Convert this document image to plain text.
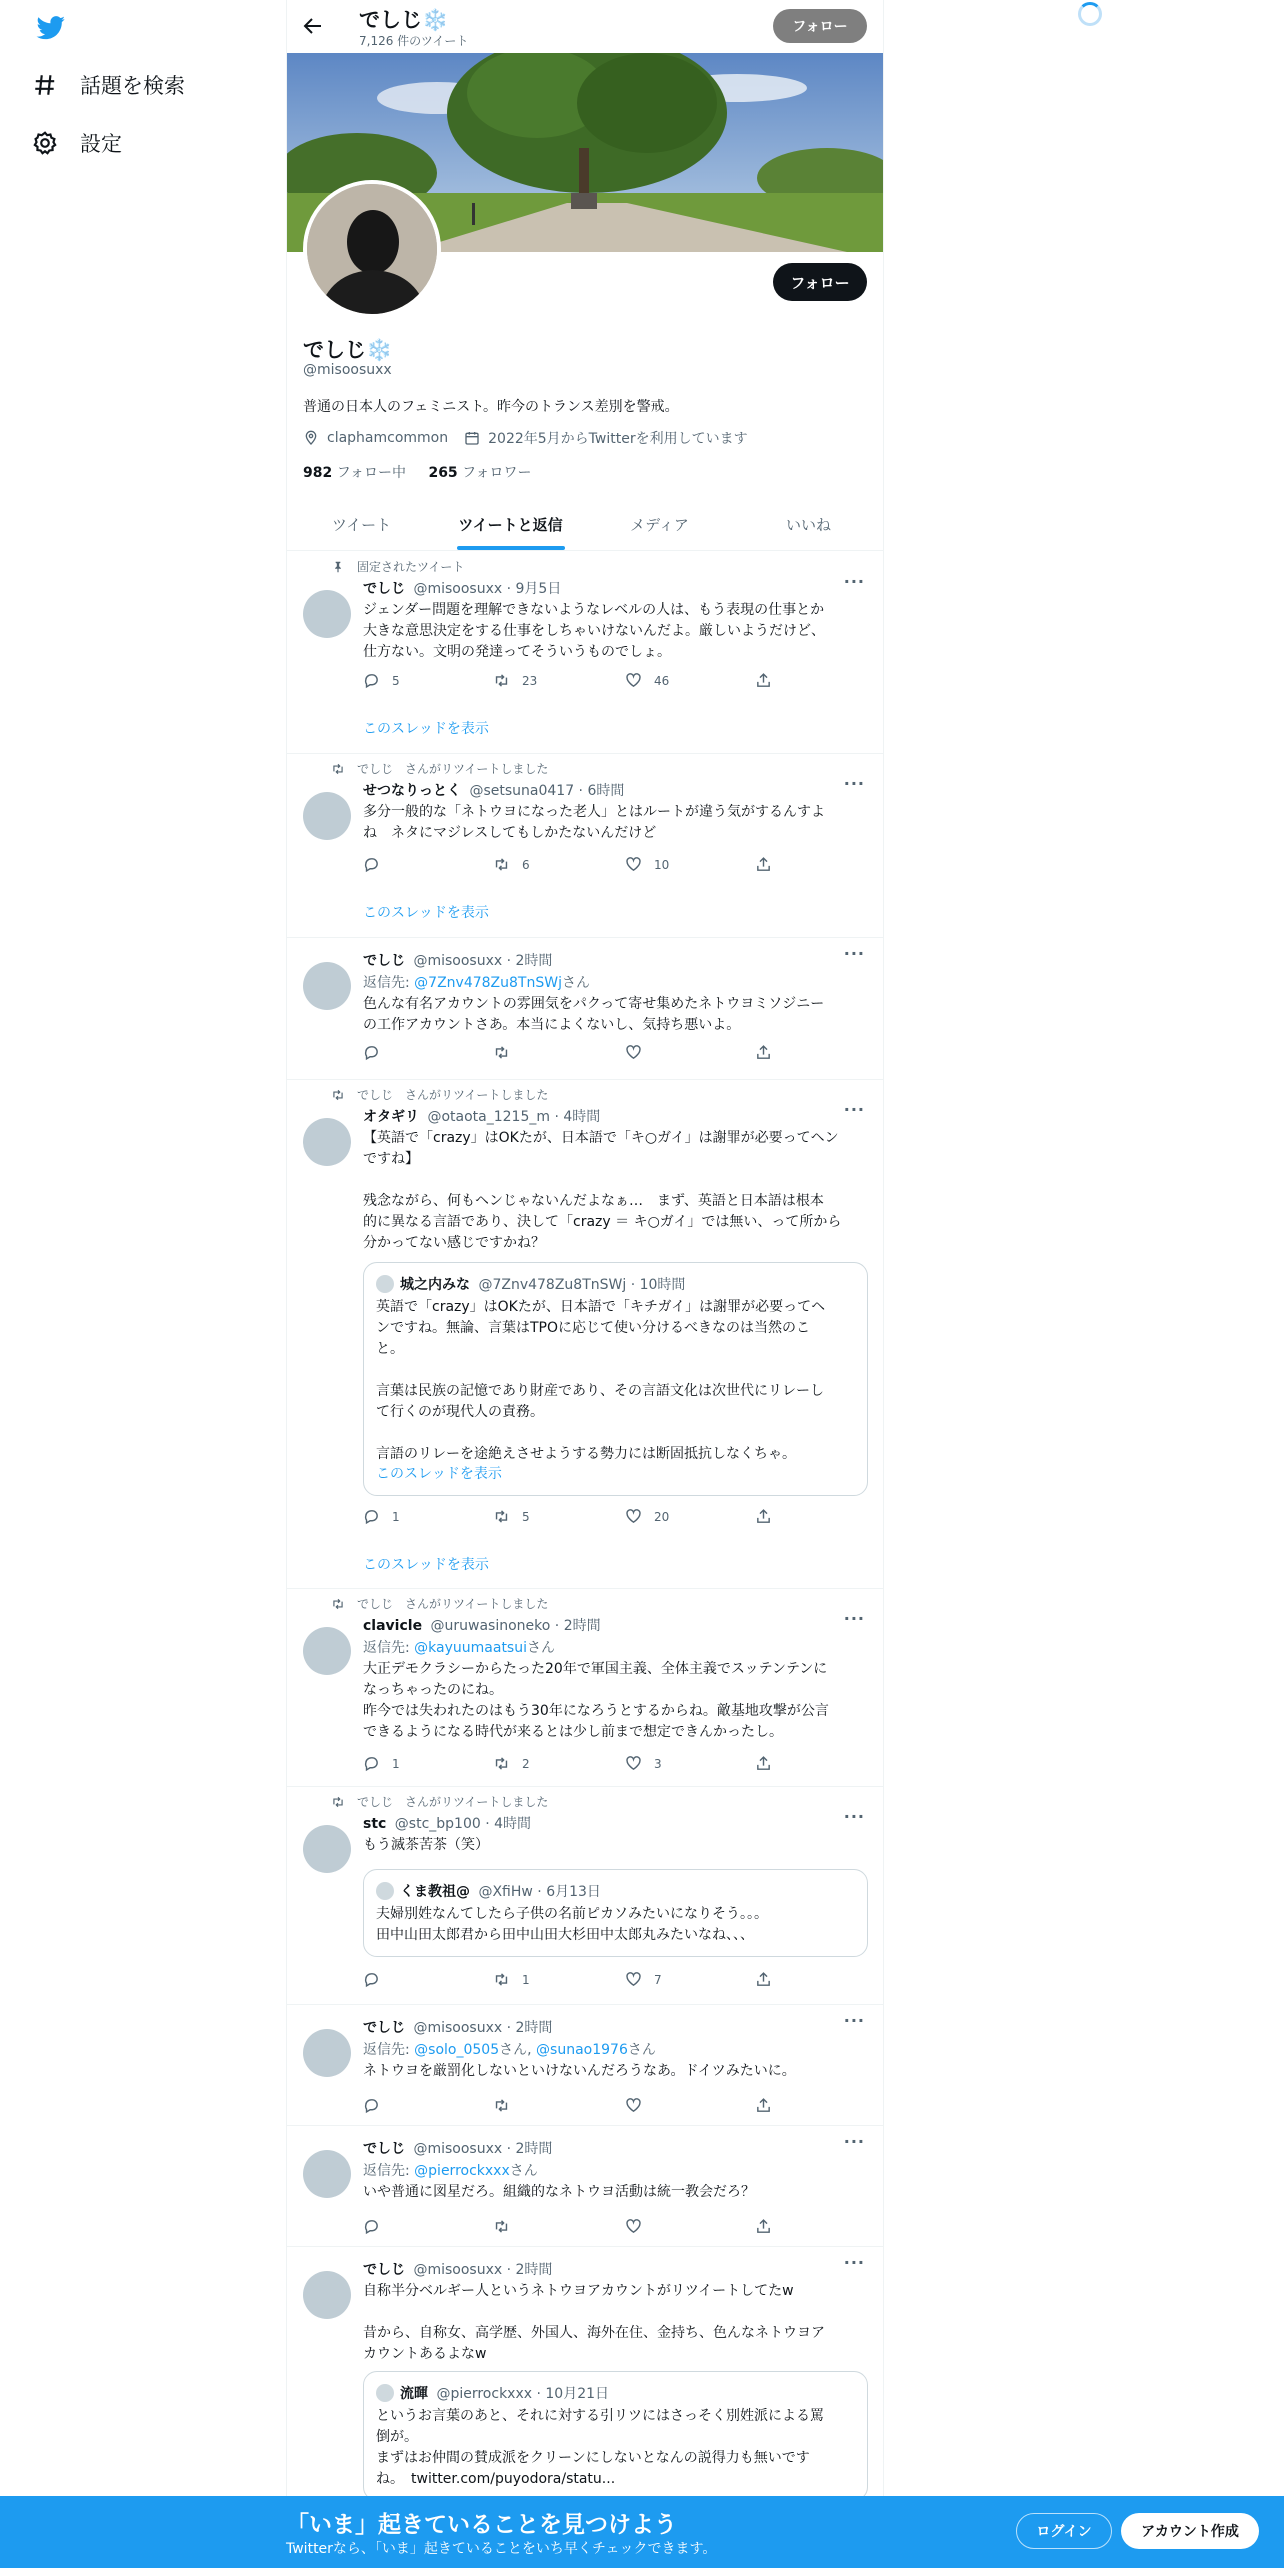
話題を検索
設定
でしじ❄️
7,126 件のツイート
フォロー
フォロー
でしじ❄️
@misoosuxx
普通の日本人のフェミニスト。昨今のトランス差別を警戒。
claphamcommon	2022年5月からTwitterを利用しています
982 フォロー中 265 フォロワー
ツイート	ツイートと返信	メディア	いいね
固定されたツイート
でしじ @misoosuxx · 9月5日	···
ジェンダー問題を理解できないようなレベルの人は、もう表現の仕事とか
大きな意思決定をする仕事をしちゃいけないんだよ。厳しいようだけど、
仕方ない。文明の発達ってそういうものでしょ。
5	23	46
このスレッドを表示
でしじ　さんがリツイートしました
せつなりっとく @setsuna0417 · 6時間	···
多分一般的な「ネトウヨになった老人」とはルートが違う気がするんすよ
ね　ネタにマジレスしてもしかたないんだけど
6	10
このスレッドを表示
でしじ @misoosuxx · 2時間	···
返信先: @7Znv478Zu8TnSWjさん
色んな有名アカウントの雰囲気をパクって寄せ集めたネトウヨミソジニー
の工作アカウントさあ。本当によくないし、気持ち悪いよ。
でしじ　さんがリツイートしました
オタギリ @otaota_1215_m · 4時間	···
【英語で「crazy」はOKたが、日本語で「キ○ガイ」は謝罪が必要ってヘン
ですね】

残念ながら、何もヘンじゃないんだよなぁ…　まず、英語と日本語は根本
的に異なる言語であり、決して「crazy ＝ キ○ガイ」では無い、って所から
分かってない感じですかね？
城之内みな @7Znv478Zu8TnSWj · 10時間
英語で「crazy」はOKたが、日本語で「キチガイ」は謝罪が必要ってヘ
ンですね。無論、言葉はTPOに応じて使い分けるべきなのは当然のこ
と。

言葉は民族の記憶であり財産であり、その言語文化は次世代にリレーし
て行くのが現代人の責務。

言語のリレーを途絶えさせようする勢力には断固抵抗しなくちゃ。
このスレッドを表示
1	5	20
このスレッドを表示
でしじ　さんがリツイートしました
clavicle @uruwasinoneko · 2時間	···
返信先: @kayuumaatsuiさん
大正デモクラシーからたった20年で軍国主義、全体主義でスッテンテンに
なっちゃったのにね。
昨今では失われたのはもう30年になろうとするからね。敵基地攻撃が公言
できるようになる時代が来るとは少し前まで想定できんかったし。
1	2	3
でしじ　さんがリツイートしました
stc @stc_bp100 · 4時間	···
もう滅茶苦茶（笑）
くま教祖@ @XfiHw · 6月13日
夫婦別姓なんてしたら子供の名前ピカソみたいになりそう。。。
田中山田太郎君から田中山田大杉田中太郎丸みたいなね、、、
1	7
でしじ @misoosuxx · 2時間	···
返信先: @solo_0505さん, @sunao1976さん
ネトウヨを厳罰化しないといけないんだろうなあ。ドイツみたいに。
でしじ @misoosuxx · 2時間	···
返信先: @pierrockxxxさん
いや普通に図星だろ。組織的なネトウヨ活動は統一教会だろ？
でしじ @misoosuxx · 2時間	···
自称半分ベルギー人というネトウヨアカウントがリツイートしてたw

昔から、自称女、高学歴、外国人、海外在住、金持ち、色んなネトウヨア
カウントあるよなw
流暉 @pierrockxxx · 10月21日
というお言葉のあと、それに対する引リツにはさっそく別姓派による罵
倒が。
まずはお仲間の賛成派をクリーンにしないとなんの説得力も無いです
ね。　twitter.com/puyodora/statu...
「いま」起きていることを見つけよう
Twitterなら、「いま」起きていることをいち早くチェックできます。
ログイン	アカウント作成
